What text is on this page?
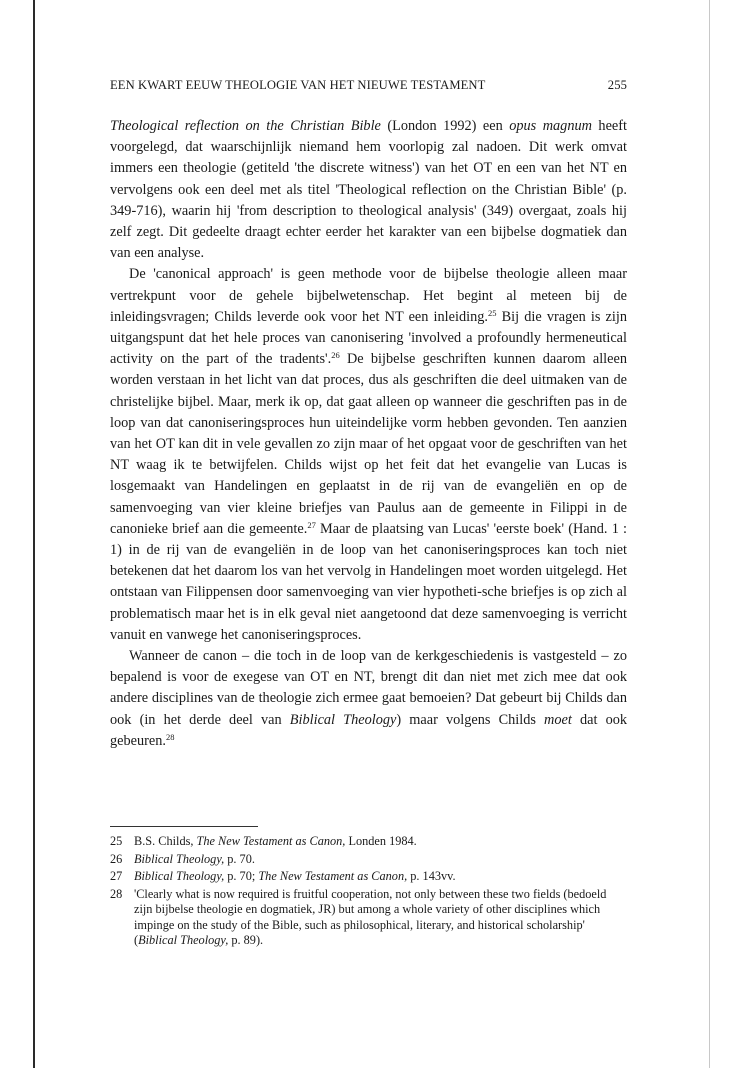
EEN KWART EEUW THEOLOGIE VAN HET NIEUWE TESTAMENT	255

Theological reflection on the Christian Bible (London 1992) een opus magnum heeft voorgelegd, dat waarschijnlijk niemand hem voorlopig zal nadoen. Dit werk omvat immers een theologie (getiteld 'the discrete witness') van het OT en een van het NT en vervolgens ook een deel met als titel 'Theological reflection on the Christian Bible' (p. 349-716), waarin hij 'from description to theological analysis' (349) overgaat, zoals hij zelf zegt. Dit gedeelte draagt echter eerder het karakter van een bijbelse dogmatiek dan van een analyse.

De 'canonical approach' is geen methode voor de bijbelse theologie alleen maar vertrekpunt voor de gehele bijbelwetenschap. Het begint al meteen bij de inleidingsvragen; Childs leverde ook voor het NT een inleiding.$^{25}$ Bij die vragen is zijn uitgangspunt dat het hele proces van canonisering 'involved a profoundly hermeneutical activity on the part of the tradents'.$^{26}$ De bijbelse geschriften kunnen daarom alleen worden verstaan in het licht van dat proces, dus als geschriften die deel uitmaken van de christelijke bijbel. Maar, merk ik op, dat gaat alleen op wanneer die geschriften pas in de loop van dat canoniseringsproces hun uiteindelijke vorm hebben gevonden. Ten aanzien van het OT kan dit in vele gevallen zo zijn maar of het opgaat voor de geschriften van het NT waag ik te betwijfelen. Childs wijst op het feit dat het evangelie van Lucas is losgemaakt van Handelingen en geplaatst in de rij van de evangeliën en op de samenvoeging van vier kleine briefjes van Paulus aan de gemeente in Filippi in de canonieke brief aan die gemeente.$^{27}$ Maar de plaatsing van Lucas' 'eerste boek' (Hand. 1 : 1) in de rij van de evangeliën in de loop van het canoniseringsproces kan toch niet betekenen dat het daarom los van het vervolg in Handelingen moet worden uitgelegd. Het ontstaan van Filippensen door samenvoeging van vier hypotheti-sche briefjes is op zich al problematisch maar het is in elk geval niet aangetoond dat deze samenvoeging is verricht vanuit en vanwege het canoniseringsproces.

Wanneer de canon – die toch in de loop van de kerkgeschiedenis is vastgesteld – zo bepalend is voor de exegese van OT en NT, brengt dit dan niet met zich mee dat ook andere disciplines van de theologie zich ermee gaat bemoeien? Dat gebeurt bij Childs dan ook (in het derde deel van Biblical Theology) maar volgens Childs moet dat ook gebeuren.$^{28}$

25 B.S. Childs, The New Testament as Canon, Londen 1984.
26 Biblical Theology, p. 70.
27 Biblical Theology, p. 70; The New Testament as Canon, p. 143vv.
28 'Clearly what is now required is fruitful cooperation, not only between these two fields (bedoeld zijn bijbelse theologie en dogmatiek, JR) but among a whole variety of other disciplines which impinge on the study of the Bible, such as philosophical, literary, and historical scholarship' (Biblical Theology, p. 89).
